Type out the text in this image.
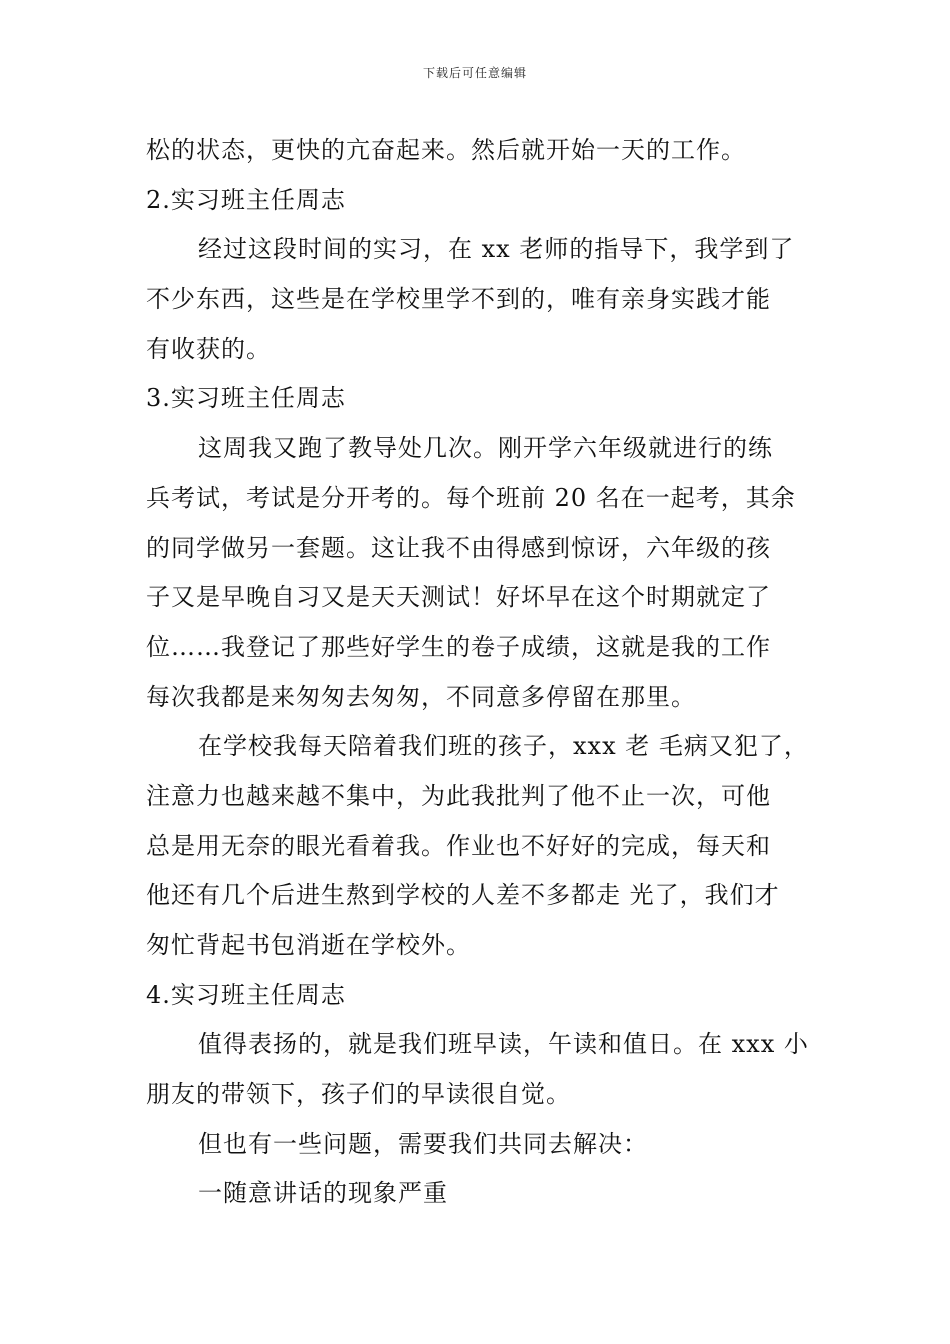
下载后可任意编辑
松的状态，更快的亢奋起来。然后就开始一天的工作。
2.实习班主任周志
经过这段时间的实习，在 xx 老师的指导下，我学到了
不少东西，这些是在学校里学不到的，唯有亲身实践才能
有收获的。
3.实习班主任周志
这周我又跑了教导处几次。刚开学六年级就进行的练
兵考试，考试是分开考的。每个班前 20 名在一起考，其余
的同学做另一套题。这让我不由得感到惊讶，六年级的孩
子又是早晚自习又是天天测试！好坏早在这个时期就定了
位……我登记了那些好学生的卷子成绩，这就是我的工作
每次我都是来匆匆去匆匆，不同意多停留在那里。
在学校我每天陪着我们班的孩子，xxx 老 毛病又犯了，
注意力也越来越不集中，为此我批判了他不止一次，可他
总是用无奈的眼光看着我。作业也不好好的完成，每天和
他还有几个后进生熬到学校的人差不多都走 光了，我们才
匆忙背起书包消逝在学校外。
4.实习班主任周志
值得表扬的，就是我们班早读，午读和值日。在 xxx 小
朋友的带领下，孩子们的早读很自觉。
但也有一些问题，需要我们共同去解决：
一随意讲话的现象严重
